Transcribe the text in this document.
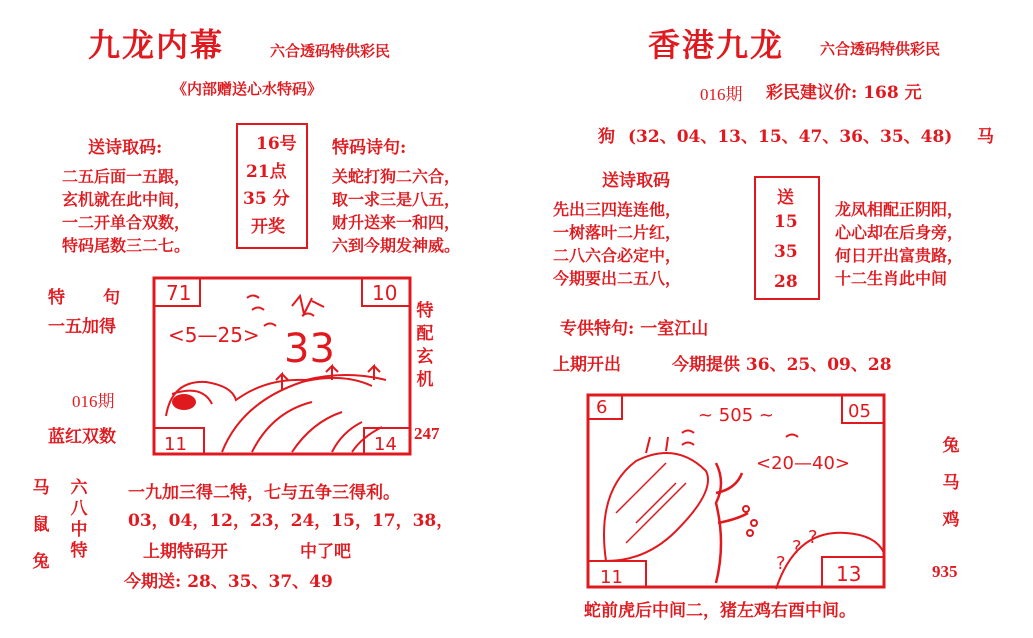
九龙内幕	六合透码特供彩民
《内部赠送心水特码》
送诗取码:
二五后面一五跟，
玄机就在此中间，
一二开单合双数，
特码尾数三二七。
16号
21点
35 分
开奖
特码诗句:
关蛇打狗二六合，
取一求三是八五，
财升送来一和四，
六到今期发神威。
特 句
一五加得
016期
蓝红双数
71	10
11	14
<5—25> 33
特配玄机
247
马
鼠
兔
六八中特
一九加三得二特，七与五争三得利。
03，04，12，23，24，15，17，38，
上期特码开	中了吧
今期送: 28、35、37、49
香港九龙 六合透码特供彩民
016期 彩民建议价: 168 元
狗 (32、04、13、15、47、36、35、48) 马
送诗取码
先出三四连连他，
一树落叶二片红，
二八六合必定中，
今期要出二五八，
送
15
35
28
龙凤相配正阴阳，
心心却在后身旁，
何日开出富贵路，
十二生肖此中间
专供特句: 一室江山
上期开出	今期提供 36、25、09、28
6	05
11	13
~ 505 ~
<20—40>
?
? ?
兔
马
鸡
935
蛇前虎后中间二，猪左鸡右酉中间。
